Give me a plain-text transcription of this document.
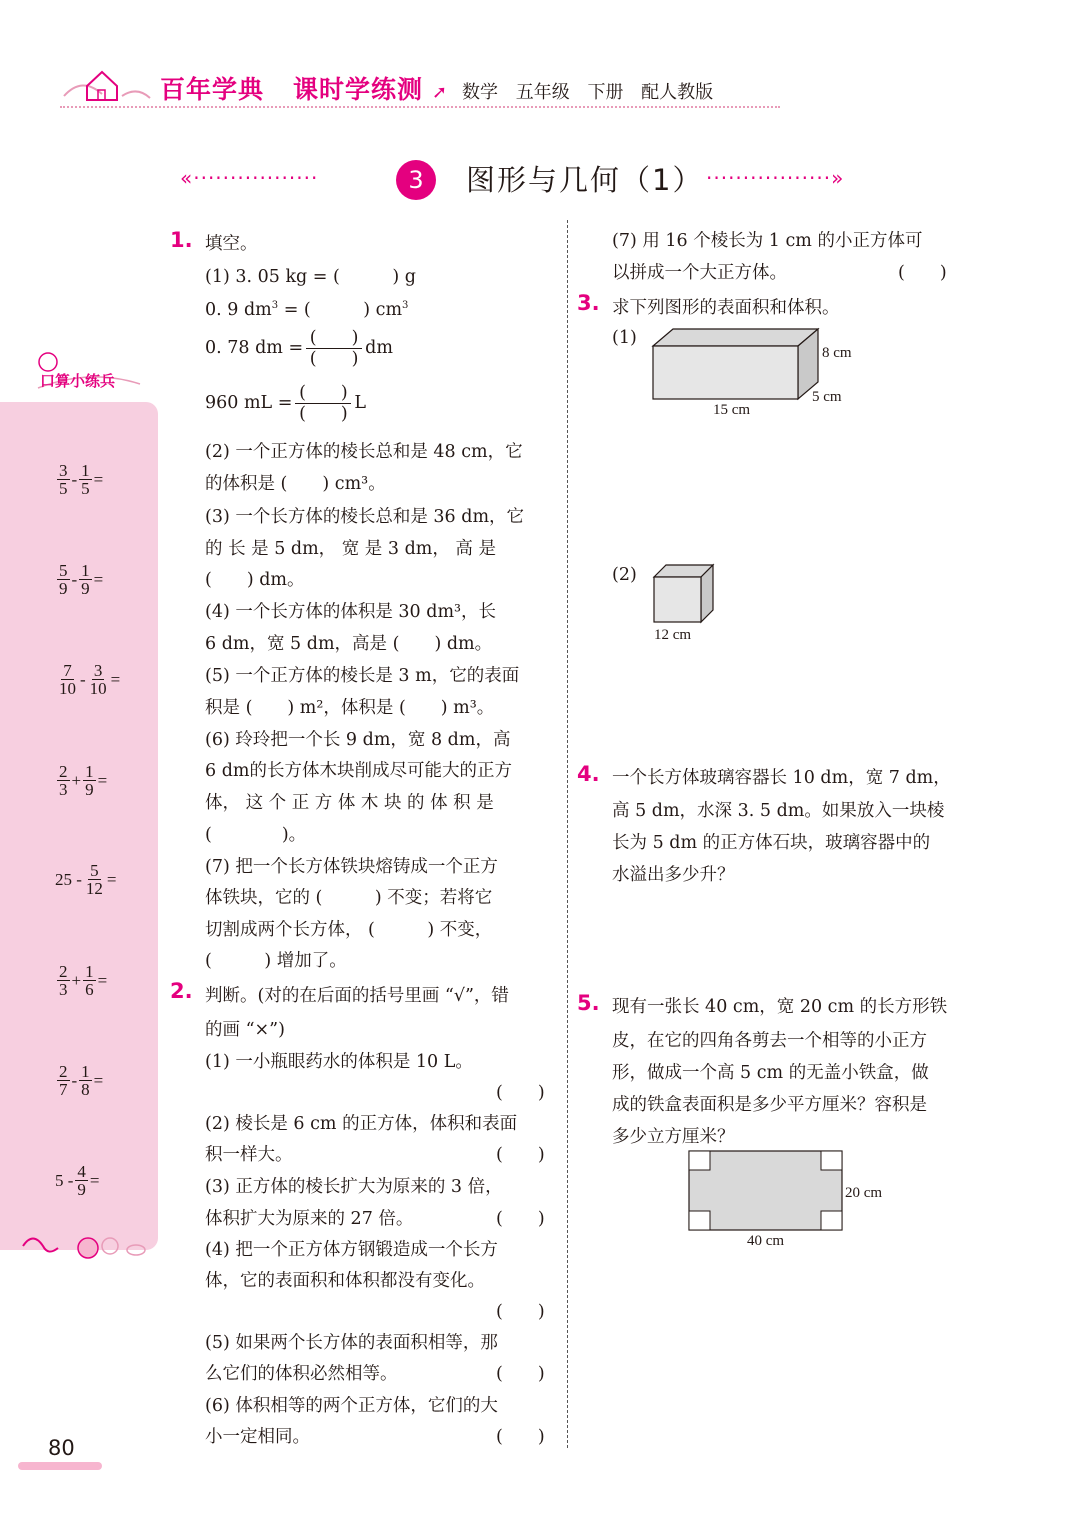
百年学典 课时学练测 ➚ 数学 五年级 下册 配人教版
«·················	3	图形与几何（1） ·················»
口算小练兵
$\frac{3}{5} - \frac{1}{5}$ =
$\frac{5}{9} - \frac{1}{9}$ =
$\frac{7}{10} - \frac{3}{10}$ =
$\frac{2}{3} + \frac{1}{9}$ =
25
- $\frac{5}{12}$ =
$\frac{2}{3} + \frac{1}{6}$ =
$\frac{2}{7} - \frac{1}{8}$ =
5
- $\frac{4}{9}$ =
80
1. 填空。
(1) 3. 05 kg = (　　　) g
0. 9 $dm^3$ = (　　　) $cm^3$
0. 78 dm = (　　)
(　　)
dm
960 mL = (　　)
(　　)
L
(2) 一个正方体的棱长总和是 48 cm，它
的体积是 (　　) cm³。
(3) 一个长方体的棱长总和是 36 dm，它
的 长 是 5 dm， 宽 是 3 dm， 高 是
(　　) dm。
(4) 一个长方体的体积是 30 dm³，长
6 dm，宽 5 dm，高是 (　　) dm。
(5) 一个正方体的棱长是 3 m，它的表面
积是 (　　) m²，体积是 (　　) m³。
(6) 玲玲把一个长 9 dm，宽 8 dm，高
6 dm的长方体木块削成尽可能大的正方
体， 这 个 正 方 体 木 块 的 体 积 是
(　　　　)。
(7) 把一个长方体铁块熔铸成一个正方
体铁块，它的 (　　　) 不变；若将它
切割成两个长方体， (　　　) 不变，
(　　　) 增加了。
2. 判断。(对的在后面的括号里画 “√”，错
的画 “×”)
(1) 一小瓶眼药水的体积是 10 L。
(　　)
(2) 棱长是 6 cm 的正方体，体积和表面
积一样大。	(　　)
(3) 正方体的棱长扩大为原来的 3 倍，
体积扩大为原来的 27 倍。	(　　)
(4) 把一个正方体方钢锻造成一个长方
体，它的表面积和体积都没有变化。
(　　)
(5) 如果两个长方体的表面积相等，那
么它们的体积必然相等。	(　　)
(6) 体积相等的两个正方体，它们的大
小一定相同。	(　　)
(7) 用 16 个棱长为 1 cm 的小正方体可
以拼成一个大正方体。	(　　)
3. 求下列图形的表面积和体积。
(1)
8 cm
5 cm
15 cm
(2)
12 cm
4. 一个长方体玻璃容器长 10 dm，宽 7 dm，
高 5 dm，水深 3. 5 dm。如果放入一块棱
长为 5 dm 的正方体石块，玻璃容器中的
水溢出多少升？
5. 现有一张长 40 cm，宽 20 cm 的长方形铁
皮，在它的四角各剪去一个相等的小正方
形，做成一个高 5 cm 的无盖小铁盒，做
成的铁盒表面积是多少平方厘米？容积是
多少立方厘米？
20 cm
40 cm
